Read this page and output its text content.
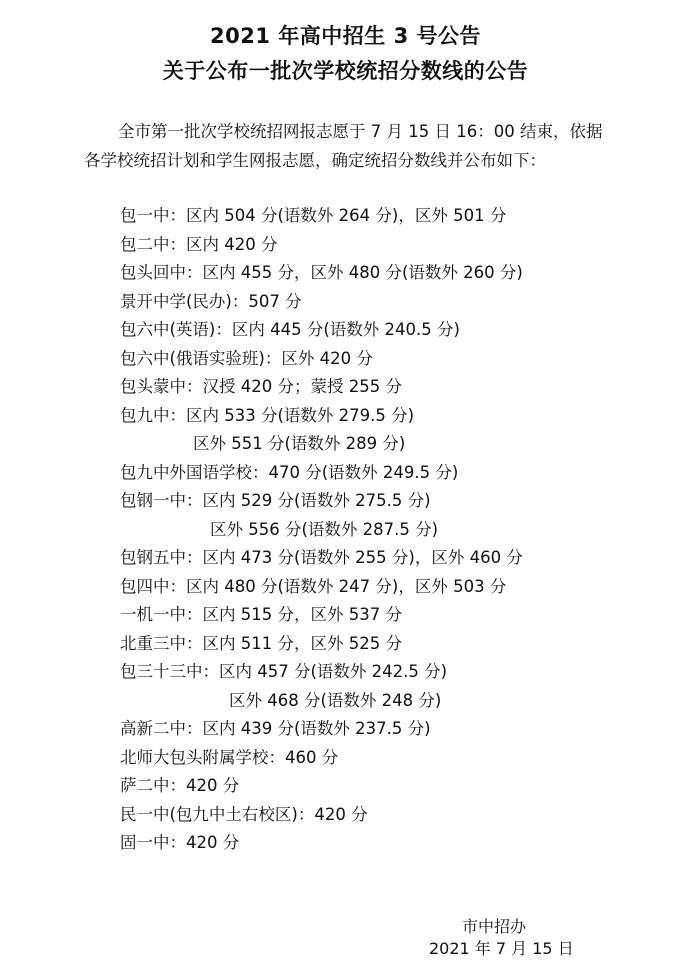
2021 年高中招生 3 号公告
关于公布一批次学校统招分数线的公告
全市第一批次学校统招网报志愿于 7 月 15 日 16：00 结束，依据各学校统招计划和学生网报志愿，确定统招分数线并公布如下：
包一中：区内 504 分(语数外 264 分)，区外 501 分
包二中：区内 420 分
包头回中：区内 455 分，区外 480 分(语数外 260 分)
景开中学(民办)：507 分
包六中(英语)：区内 445 分(语数外 240.5 分)
包六中(俄语实验班)：区外 420 分
包头蒙中：汉授 420 分；蒙授 255 分
包九中：区内 533 分(语数外 279.5 分)
区外 551 分(语数外 289 分)
包九中外国语学校：470 分(语数外 249.5 分)
包钢一中：区内 529 分(语数外 275.5 分)
区外 556 分(语数外 287.5 分)
包钢五中：区内 473 分(语数外 255 分)，区外 460 分
包四中：区内 480 分(语数外 247 分)，区外 503 分
一机一中：区内 515 分，区外 537 分
北重三中：区内 511 分，区外 525 分
包三十三中：区内 457 分(语数外 242.5 分)
区外 468 分(语数外 248 分)
高新二中：区内 439 分(语数外 237.5 分)
北师大包头附属学校：460 分
萨二中：420 分
民一中(包九中土右校区)：420 分
固一中：420 分
市中招办
2021 年 7 月 15 日
